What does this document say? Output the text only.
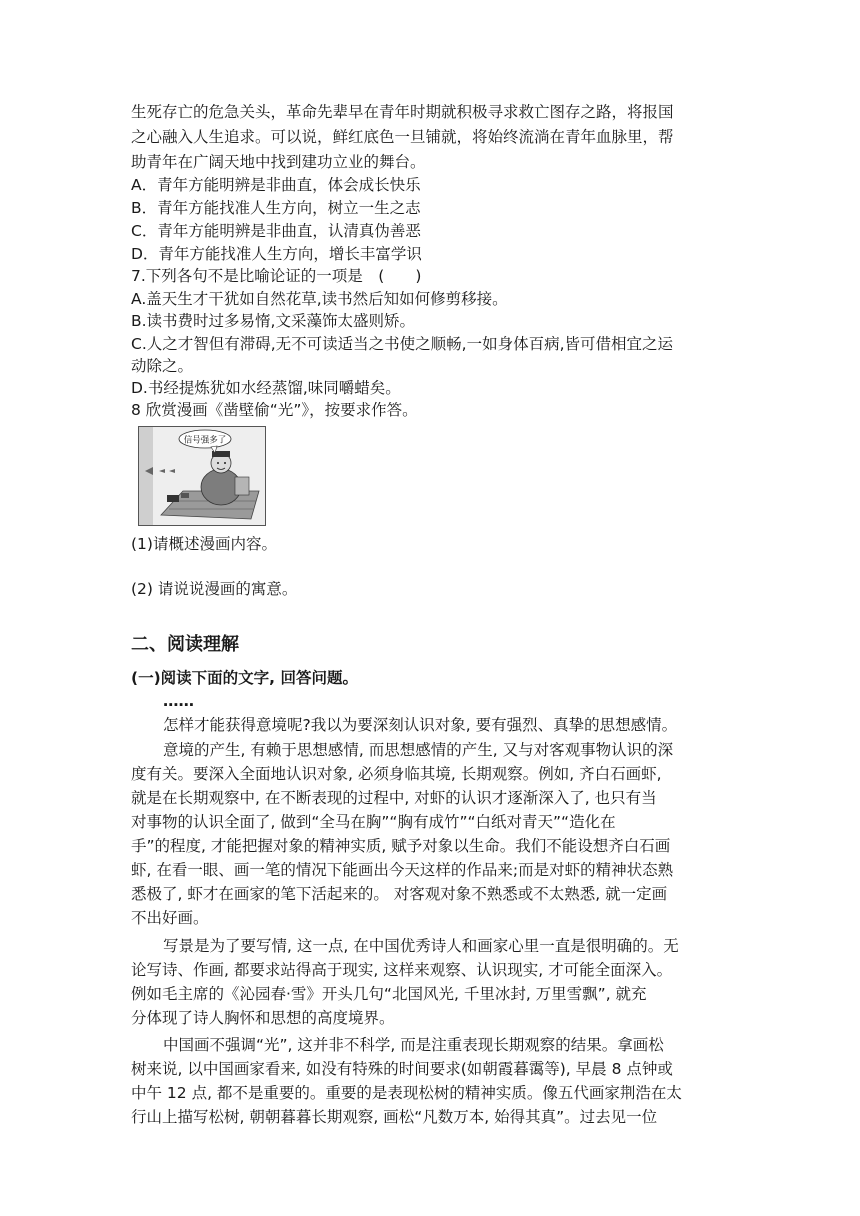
生死存亡的危急关头，革命先辈早在青年时期就积极寻求救亡图存之路，将报国
之心融入人生追求。可以说，鲜红底色一旦铺就，将始终流淌在青年血脉里，帮
助青年在广阔天地中找到建功立业的舞台。
A．青年方能明辨是非曲直，体会成长快乐
B．青年方能找准人生方向，树立一生之志
C．青年方能明辨是非曲直，认清真伪善恶
D．青年方能找准人生方向，增长丰富学识
7.下列各句不是比喻论证的一项是　(　　)
A.盖天生才干犹如自然花草,读书然后知如何修剪移接。
B.读书费时过多易惰,文采藻饰太盛则矫。
C.人之才智但有滞碍,无不可读适当之书使之顺畅,一如身体百病,皆可借相宜之运
动除之。
D.书经提炼犹如水经蒸馏,味同嚼蜡矣。
8 欣赏漫画《凿壁偷“光”》，按要求作答。
信号强多了
(1)请概述漫画内容。
(2) 请说说漫画的寓意。
二、阅读理解
(一)阅读下面的文字, 回答问题。
……
怎样才能获得意境呢?我以为要深刻认识对象, 要有强烈、真挚的思想感情。
意境的产生, 有赖于思想感情, 而思想感情的产生, 又与对客观事物认识的深
度有关。要深入全面地认识对象, 必须身临其境, 长期观察。例如, 齐白石画虾,
就是在长期观察中, 在不断表现的过程中, 对虾的认识才逐渐深入了, 也只有当
对事物的认识全面了, 做到“全马在胸”“胸有成竹”“白纸对青天”“造化在
手”的程度, 才能把握对象的精神实质, 赋予对象以生命。我们不能设想齐白石画
虾, 在看一眼、画一笔的情况下能画出今天这样的作品来;而是对虾的精神状态熟
悉极了, 虾才在画家的笔下活起来的。 对客观对象不熟悉或不太熟悉, 就一定画
不出好画。
写景是为了要写情, 这一点, 在中国优秀诗人和画家心里一直是很明确的。无
论写诗、作画, 都要求站得高于现实, 这样来观察、认识现实, 才可能全面深入。
例如毛主席的《沁园春·雪》开头几句“北国风光, 千里冰封, 万里雪飘”, 就充
分体现了诗人胸怀和思想的高度境界。
中国画不强调“光”, 这并非不科学, 而是注重表现长期观察的结果。拿画松
树来说, 以中国画家看来, 如没有特殊的时间要求(如朝霞暮霭等), 早晨 8 点钟或
中午 12 点, 都不是重要的。重要的是表现松树的精神实质。像五代画家荆浩在太
行山上描写松树, 朝朝暮暮长期观察, 画松“凡数万本, 始得其真”。过去见一位
